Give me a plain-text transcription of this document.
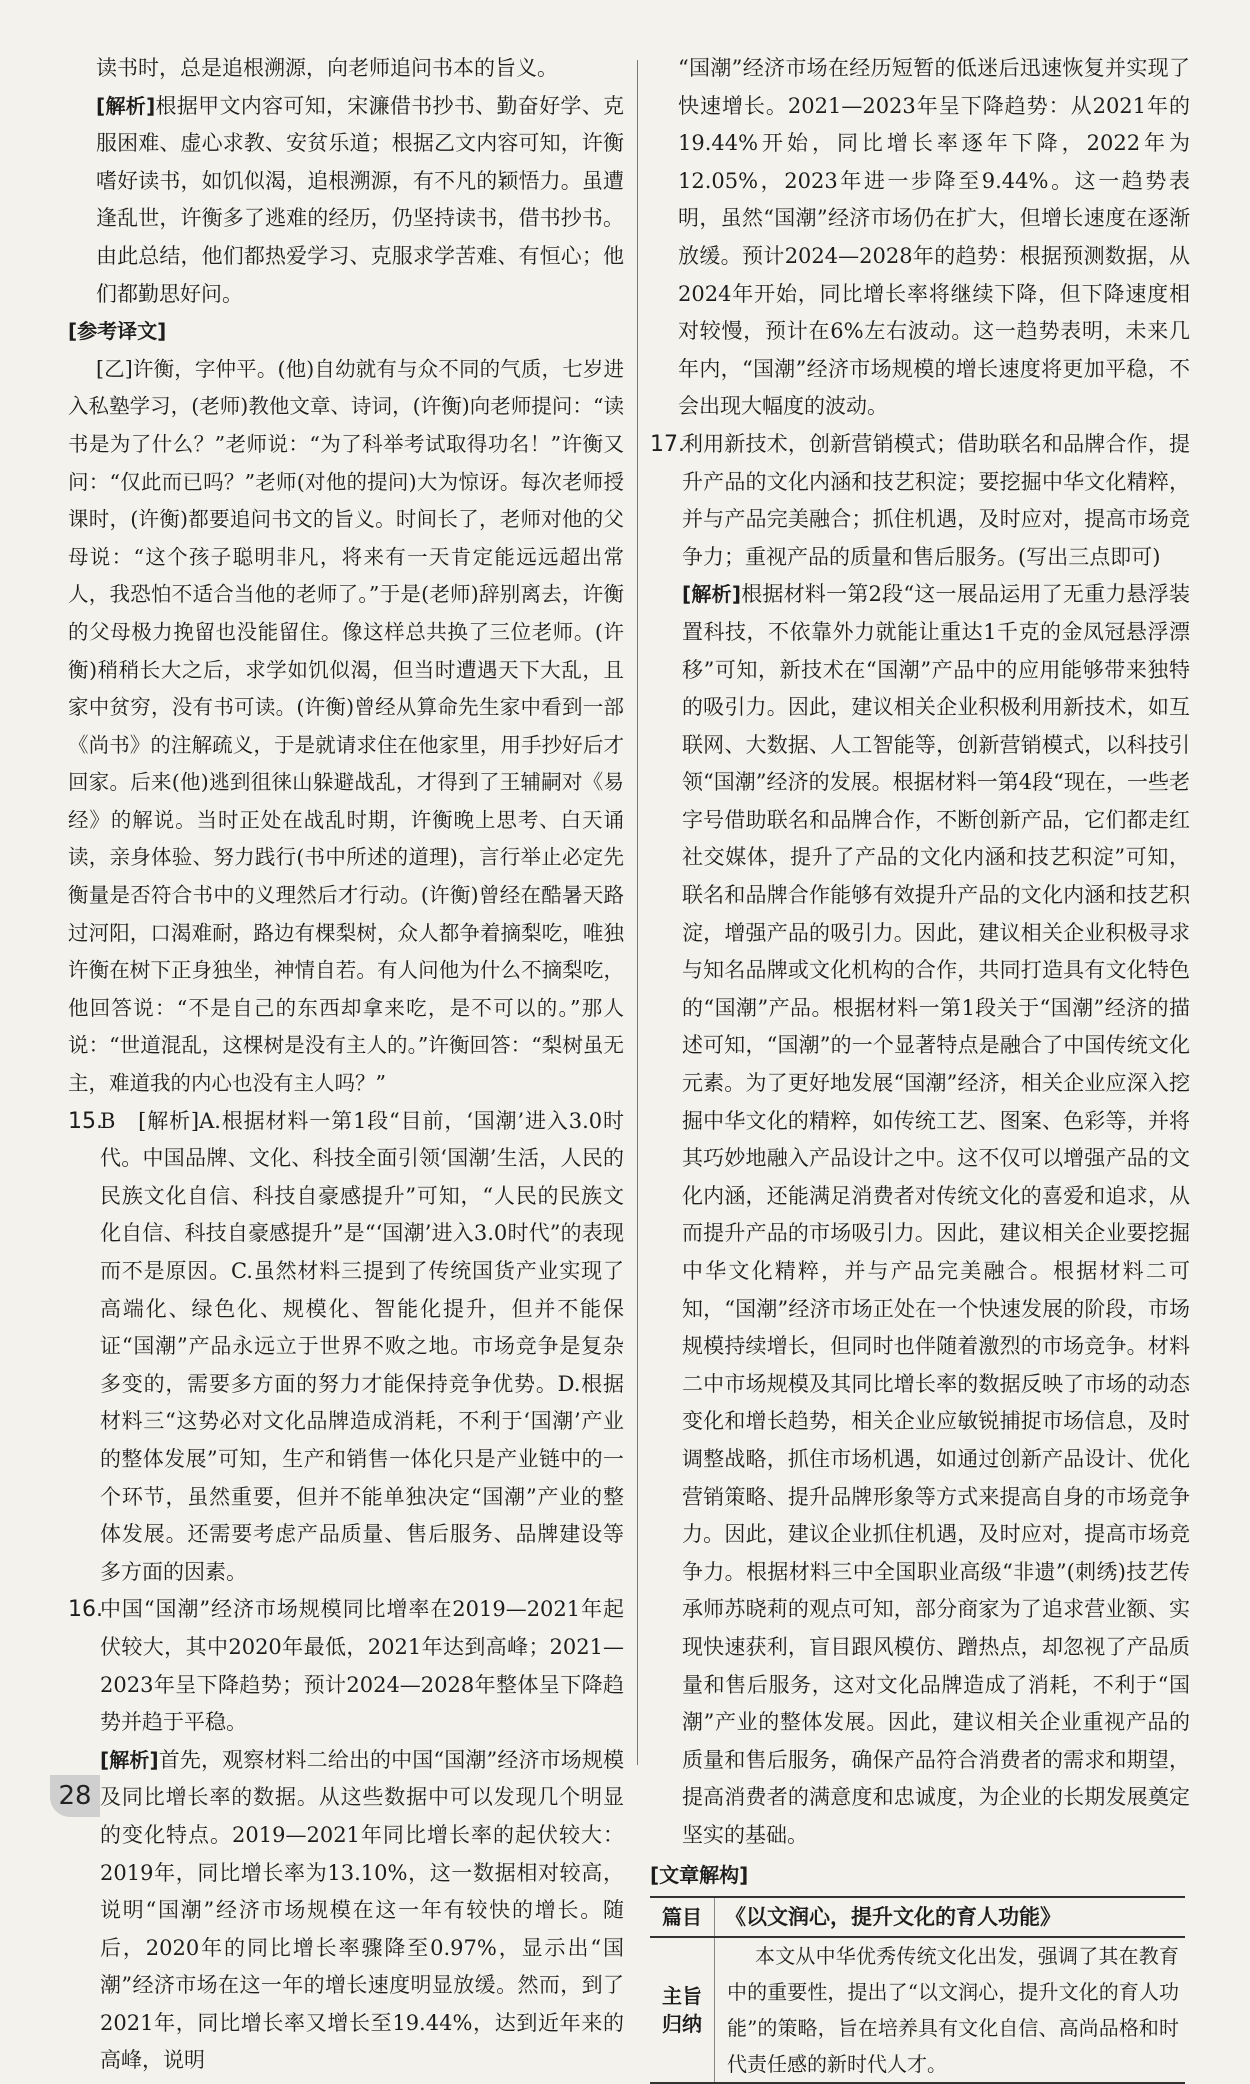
读书时，总是追根溯源，向老师追问书本的旨义。

[解析]根据甲文内容可知，宋濂借书抄书、勤奋好学、克服困难、虚心求教、安贫乐道；根据乙文内容可知，许衡嗜好读书，如饥似渴，追根溯源，有不凡的颖悟力。虽遭逢乱世，许衡多了逃难的经历，仍坚持读书，借书抄书。由此总结，他们都热爱学习、克服求学苦难、有恒心；他们都勤思好问。

[参考译文]

[乙]许衡，字仲平。(他)自幼就有与众不同的气质，七岁进入私塾学习，(老师)教他文章、诗词，(许衡)向老师提问：“读书是为了什么？”老师说：“为了科举考试取得功名！”许衡又问：“仅此而已吗？”老师(对他的提问)大为惊讶。每次老师授课时，(许衡)都要追问书文的旨义。时间长了，老师对他的父母说：“这个孩子聪明非凡，将来有一天肯定能远远超出常人，我恐怕不适合当他的老师了。”于是(老师)辞别离去，许衡的父母极力挽留也没能留住。像这样总共换了三位老师。(许衡)稍稍长大之后，求学如饥似渴，但当时遭遇天下大乱，且家中贫穷，没有书可读。(许衡)曾经从算命先生家中看到一部《尚书》的注解疏义，于是就请求住在他家里，用手抄好后才回家。后来(他)逃到徂徕山躲避战乱，才得到了王辅嗣对《易经》的解说。当时正处在战乱时期，许衡晚上思考、白天诵读，亲身体验、努力践行(书中所述的道理)，言行举止必定先衡量是否符合书中的义理然后才行动。(许衡)曾经在酷暑天路过河阳，口渴难耐，路边有棵梨树，众人都争着摘梨吃，唯独许衡在树下正身独坐，神情自若。有人问他为什么不摘梨吃，他回答说：“不是自己的东西却拿来吃，是不可以的。”那人说：“世道混乱，这棵树是没有主人的。”许衡回答：“梨树虽无主，难道我的内心也没有主人吗？”

15.
B　 [解析]A.根据材料一第1段“目前，‘国潮’进入3.0时代。中国品牌、文化、科技全面引领‘国潮’生活，人民的民族文化自信、科技自豪感提升”可知，“人民的民族文化自信、科技自豪感提升”是“‘国潮’进入3.0时代”的表现而不是原因。C.虽然材料三提到了传统国货产业实现了高端化、绿色化、规模化、智能化提升，但并不能保证“国潮”产品永远立于世界不败之地。市场竞争是复杂多变的，需要多方面的努力才能保持竞争优势。D.根据材料三“这势必对文化品牌造成消耗，不利于‘国潮’产业的整体发展”可知，生产和销售一体化只是产业链中的一个环节，虽然重要，但并不能单独决定“国潮”产业的整体发展。还需要考虑产品质量、售后服务、品牌建设等多方面的因素。

16.
中国“国潮”经济市场规模同比增率在2019—2021年起伏较大，其中2020年最低，2021年达到高峰；2021—2023年呈下降趋势；预计2024—2028年整体呈下降趋势并趋于平稳。

[解析]首先，观察材料二给出的中国“国潮”经济市场规模及同比增长率的数据。从这些数据中可以发现几个明显的变化特点。2019—2021年同比增长率的起伏较大：2019年，同比增长率为13.10%，这一数据相对较高，说明“国潮”经济市场规模在这一年有较快的增长。随后，2020年的同比增长率骤降至0.97%，显示出“国潮”经济市场在这一年的增长速度明显放缓。然而，到了2021年，同比增长率又增长至19.44%，达到近年来的高峰，说明

“国潮”经济市场在经历短暂的低迷后迅速恢复并实现了快速增长。2021—2023年呈下降趋势：从2021年的19.44%开始，同比增长率逐年下降，2022年为12.05%，2023年进一步降至9.44%。这一趋势表明，虽然“国潮”经济市场仍在扩大，但增长速度在逐渐放缓。预计2024—2028年的趋势：根据预测数据，从2024年开始，同比增长率将继续下降，但下降速度相对较慢，预计在6%左右波动。这一趋势表明，未来几年内，“国潮”经济市场规模的增长速度将更加平稳，不会出现大幅度的波动。

17.
利用新技术，创新营销模式；借助联名和品牌合作，提升产品的文化内涵和技艺积淀；要挖掘中华文化精粹，并与产品完美融合；抓住机遇，及时应对，提高市场竞争力；重视产品的质量和售后服务。(写出三点即可)

[解析]根据材料一第2段“这一展品运用了无重力悬浮装置科技，不依靠外力就能让重达1千克的金凤冠悬浮漂移”可知，新技术在“国潮”产品中的应用能够带来独特的吸引力。因此，建议相关企业积极利用新技术，如互联网、大数据、人工智能等，创新营销模式，以科技引领“国潮”经济的发展。根据材料一第4段“现在，一些老字号借助联名和品牌合作，不断创新产品，它们都走红社交媒体，提升了产品的文化内涵和技艺积淀”可知，联名和品牌合作能够有效提升产品的文化内涵和技艺积淀，增强产品的吸引力。因此，建议相关企业积极寻求与知名品牌或文化机构的合作，共同打造具有文化特色的“国潮”产品。根据材料一第1段关于“国潮”经济的描述可知，“国潮”的一个显著特点是融合了中国传统文化元素。为了更好地发展“国潮”经济，相关企业应深入挖掘中华文化的精粹，如传统工艺、图案、色彩等，并将其巧妙地融入产品设计之中。这不仅可以增强产品的文化内涵，还能满足消费者对传统文化的喜爱和追求，从而提升产品的市场吸引力。因此，建议相关企业要挖掘中华文化精粹，并与产品完美融合。根据材料二可知，“国潮”经济市场正处在一个快速发展的阶段，市场规模持续增长，但同时也伴随着激烈的市场竞争。材料二中市场规模及其同比增长率的数据反映了市场的动态变化和增长趋势，相关企业应敏锐捕捉市场信息，及时调整战略，抓住市场机遇，如通过创新产品设计、优化营销策略、提升品牌形象等方式来提高自身的市场竞争力。因此，建议企业抓住机遇，及时应对，提高市场竞争力。根据材料三中全国职业高级“非遗”(刺绣)技艺传承师苏晓莉的观点可知，部分商家为了追求营业额、实现快速获利，盲目跟风模仿、蹭热点，却忽视了产品质量和售后服务，这对文化品牌造成了消耗，不利于“国潮”产业的整体发展。因此，建议相关企业重视产品的质量和售后服务，确保产品符合消费者的需求和期望，提高消费者的满意度和忠诚度，为企业的长期发展奠定坚实的基础。

[文章解构]
篇目	《以文润心，提升文化的育人功能》
主旨
归纳	本文从中华优秀传统文化出发，强调了其在教育中的重要性，提出了“以文润心，提升文化的育人功能”的策略，旨在培养具有文化自信、高尚品格和时代责任感的新时代人才。

28
